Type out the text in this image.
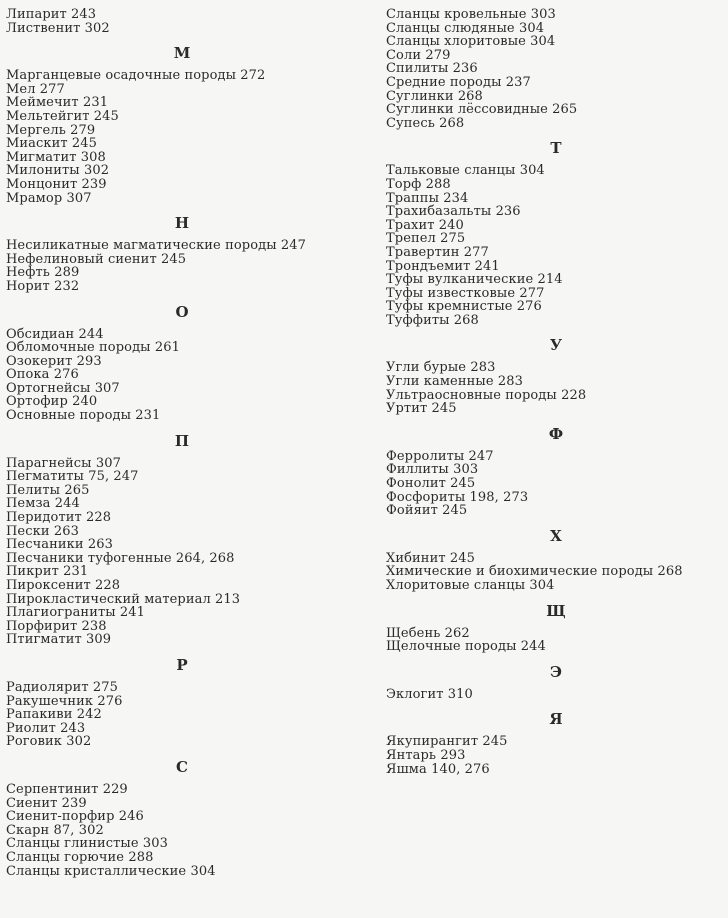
Липарит 243
Лиственит 302
М
Марганцевые осадочные породы 272
Мел 277
Меймечит 231
Мельтейгит 245
Мергель 279
Миаскит 245
Мигматит 308
Милониты 302
Монцонит 239
Мрамор 307
Н
Несиликатные магматические породы 247
Нефелиновый сиенит 245
Нефть 289
Норит 232
О
Обсидиан 244
Обломочные породы 261
Озокерит 293
Опока 276
Ортогнейсы 307
Ортофир 240
Основные породы 231
П
Парагнейсы 307
Пегматиты 75, 247
Пелиты 265
Пемза 244
Перидотит 228
Пески 263
Песчаники 263
Песчаники туфогенные 264, 268
Пикрит 231
Пироксенит 228
Пирокластический материал 213
Плагиограниты 241
Порфирит 238
Птигматит 309
Р
Радиолярит 275
Ракушечник 276
Рапакиви 242
Риолит 243
Роговик 302
С
Серпентинит 229
Сиенит 239
Сиенит-порфир 246
Скарн 87, 302
Сланцы глинистые 303
Сланцы горючие 288
Сланцы кристаллические 304
Сланцы кровельные 303
Сланцы слюдяные 304
Сланцы хлоритовые 304
Соли 279
Спилиты 236
Средние породы 237
Суглинки 268
Суглинки лёссовидные 265
Супесь 268
Т
Тальковые сланцы 304
Торф 288
Траппы 234
Трахибазальты 236
Трахит 240
Трепел 275
Травертин 277
Трондъемит 241
Туфы вулканические 214
Туфы известковые 277
Туфы кремнистые 276
Туффиты 268
У
Угли бурые 283
Угли каменные 283
Ультраосновные породы 228
Уртит 245
Ф
Ферролиты 247
Филлиты 303
Фонолит 245
Фосфориты 198, 273
Фойяит 245
Х
Хибинит 245
Химические и биохимические породы 268
Хлоритовые сланцы 304
Щ
Щебень 262
Щелочные породы 244
Э
Эклогит 310
Я
Якупирангит 245
Янтарь 293
Яшма 140, 276
